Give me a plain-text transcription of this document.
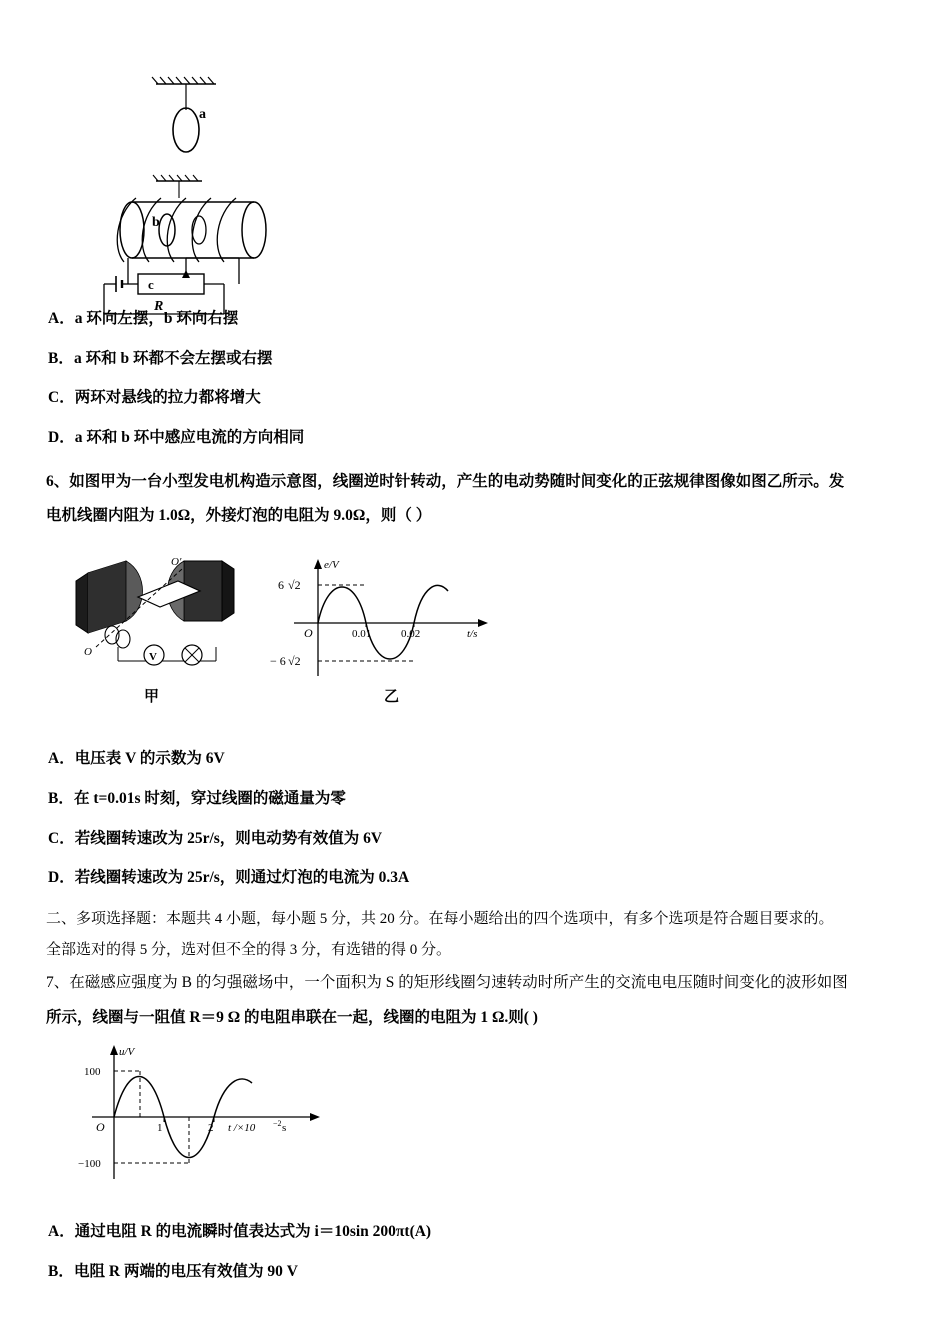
a
b
c
R
A．a 环向左摆，b 环向右摆
B．a 环和 b 环都不会左摆或右摆
C．两环对悬线的拉力都将增大
D．a 环和 b 环中感应电流的方向相同
6、如图甲为一台小型发电机构造示意图，线圈逆时针转动，产生的电动势随时间变化的正弦规律图像如图乙所示。发
电机线圈内阻为 1.0Ω，外接灯泡的电阻为 9.0Ω，则（ ）
O′
O	V
甲
e/V
t/s
O
6 √2
− 6 √2
0.01	0.02
乙
A．电压表 V 的示数为 6V
B．在 t=0.01s 时刻，穿过线圈的磁通量为零
C．若线圈转速改为 25r/s，则电动势有效值为 6V
D．若线圈转速改为 25r/s，则通过灯泡的电流为 0.3A
二、多项选择题：本题共 4 小题，每小题 5 分，共 20 分。在每小题给出的四个选项中，有多个选项是符合题目要求的。
全部选对的得 5 分，选对但不全的得 3 分，有选错的得 0 分。
7、在磁感应强度为 B 的匀强磁场中，一个面积为 S 的矩形线圈匀速转动时所产生的交流电电压随时间变化的波形如图
所示，线圈与一阻值 R＝9 Ω 的电阻串联在一起，线圈的电阻为 1 Ω.则( )
u/V
O
100
−100
1	2 t /×10 −2 s
A．通过电阻 R 的电流瞬时值表达式为 i＝10sin 200πt(A)
B．电阻 R 两端的电压有效值为 90 V
